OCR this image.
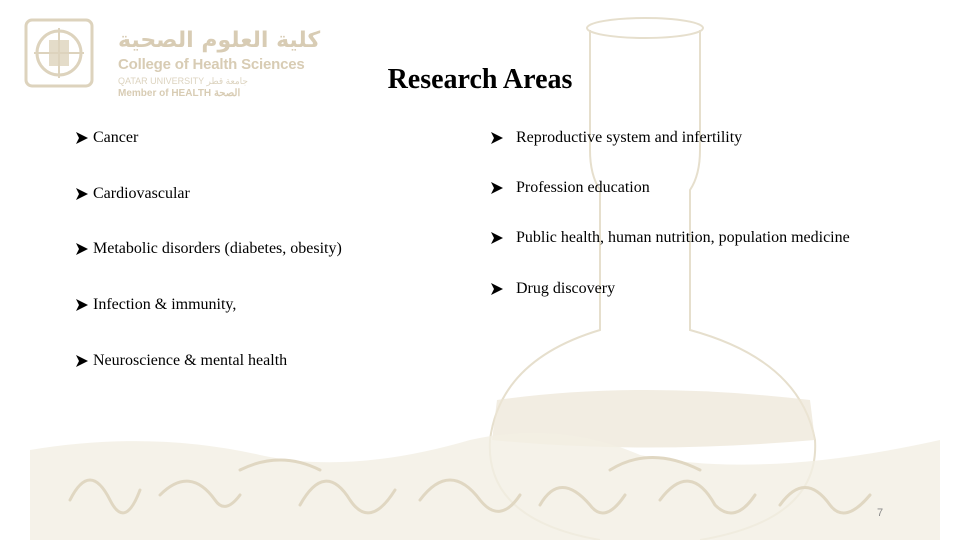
كلية العلوم الصحية
College of Health Sciences
QATAR UNIVERSITY جامعة قطر
Member of HEALTH الصحة	Research Areas
Cancer
Cardiovascular
Metabolic disorders (diabetes, obesity)
Infection & immunity,
Neuroscience & mental health
Reproductive system and infertility
Profession education
Public health, human nutrition, population medicine
Drug discovery
7
